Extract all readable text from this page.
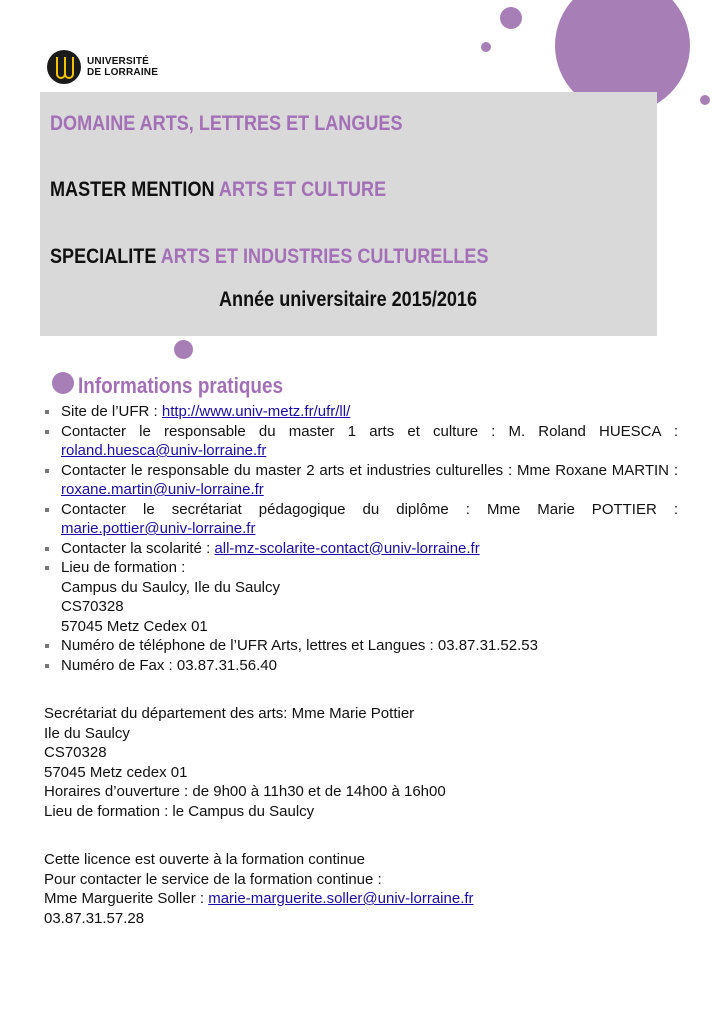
UNIVERSITÉ
DE LORRAINE
DOMAINE ARTS, LETTRES ET LANGUES
MASTER MENTION ARTS ET CULTURE
SPECIALITE ARTS ET INDUSTRIES CULTURELLES
Année universitaire 2015/2016
Informations pratiques
Site de l’UFR : http://www.univ-metz.fr/ufr/ll/
Contacter le responsable du master 1 arts et culture : M. Roland HUESCA : roland.huesca@univ-lorraine.fr
Contacter le responsable du master 2 arts et industries culturelles : Mme Roxane MARTIN : roxane.martin@univ-lorraine.fr
Contacter le secrétariat pédagogique du diplôme : Mme Marie POTTIER : marie.pottier@univ-lorraine.fr
Contacter la scolarité : all-mz-scolarite-contact@univ-lorraine.fr
Lieu de formation :
Campus du Saulcy, Ile du Saulcy
CS70328
57045 Metz Cedex 01
Numéro de téléphone de l’UFR Arts, lettres et Langues : 03.87.31.52.53
Numéro de Fax : 03.87.31.56.40
Secrétariat du département des arts: Mme Marie Pottier
Ile du Saulcy
CS70328
57045 Metz cedex 01
Horaires d’ouverture : de 9h00 à 11h30 et de 14h00 à 16h00
Lieu de formation : le Campus du Saulcy
Cette licence est ouverte à la formation continue
Pour contacter le service de la formation continue :
Mme Marguerite Soller : marie-marguerite.soller@univ-lorraine.fr
03.87.31.57.28
